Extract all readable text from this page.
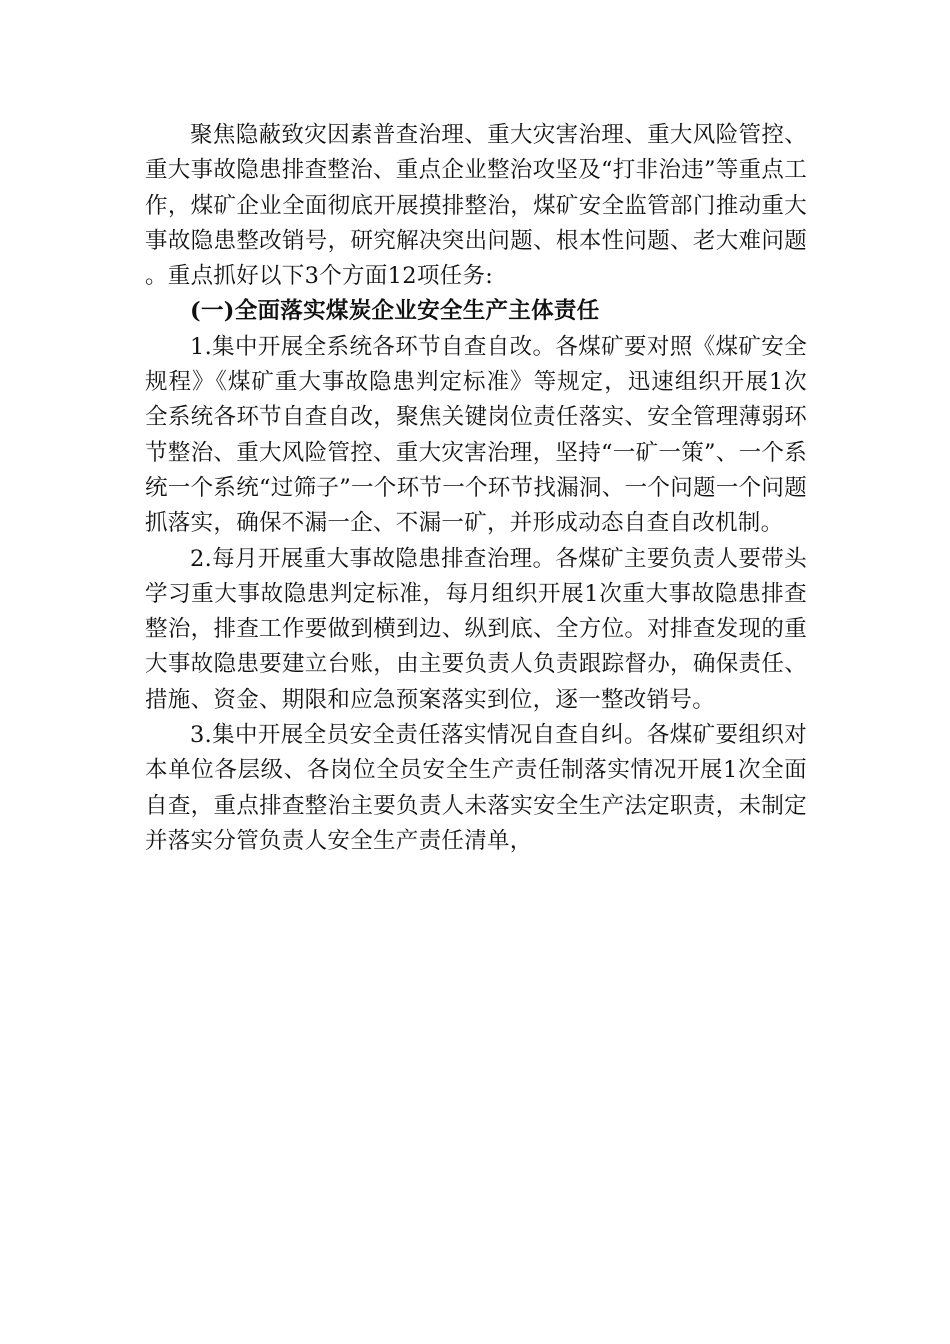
聚焦隐蔽致灾因素普查治理、重大灾害治理、重大风险管控、重大事故隐患排查整治、重点企业整治攻坚及“打非治违”等重点工作，煤矿企业全面彻底开展摸排整治，煤矿安全监管部门推动重大事故隐患整改销号，研究解决突出问题、根本性问题、老大难问题。重点抓好以下3个方面12项任务:

(一)全面落实煤炭企业安全生产主体责任

1.集中开展全系统各环节自查自改。各煤矿要对照《煤矿安全规程》《煤矿重大事故隐患判定标准》等规定，迅速组织开展1次全系统各环节自查自改，聚焦关键岗位责任落实、安全管理薄弱环节整治、重大风险管控、重大灾害治理，坚持“一矿一策”、一个系统一个系统“过筛子”一个环节一个环节找漏洞、一个问题一个问题抓落实，确保不漏一企、不漏一矿，并形成动态自查自改机制。

2.每月开展重大事故隐患排查治理。各煤矿主要负责人要带头学习重大事故隐患判定标准，每月组织开展1次重大事故隐患排查整治，排查工作要做到横到边、纵到底、全方位。对排查发现的重大事故隐患要建立台账，由主要负责人负责跟踪督办，确保责任、措施、资金、期限和应急预案落实到位，逐一整改销号。

3.集中开展全员安全责任落实情况自查自纠。各煤矿要组织对本单位各层级、各岗位全员安全生产责任制落实情况开展1次全面自查，重点排查整治主要负责人未落实安全生产法定职责，未制定并落实分管负责人安全生产责任清单，
